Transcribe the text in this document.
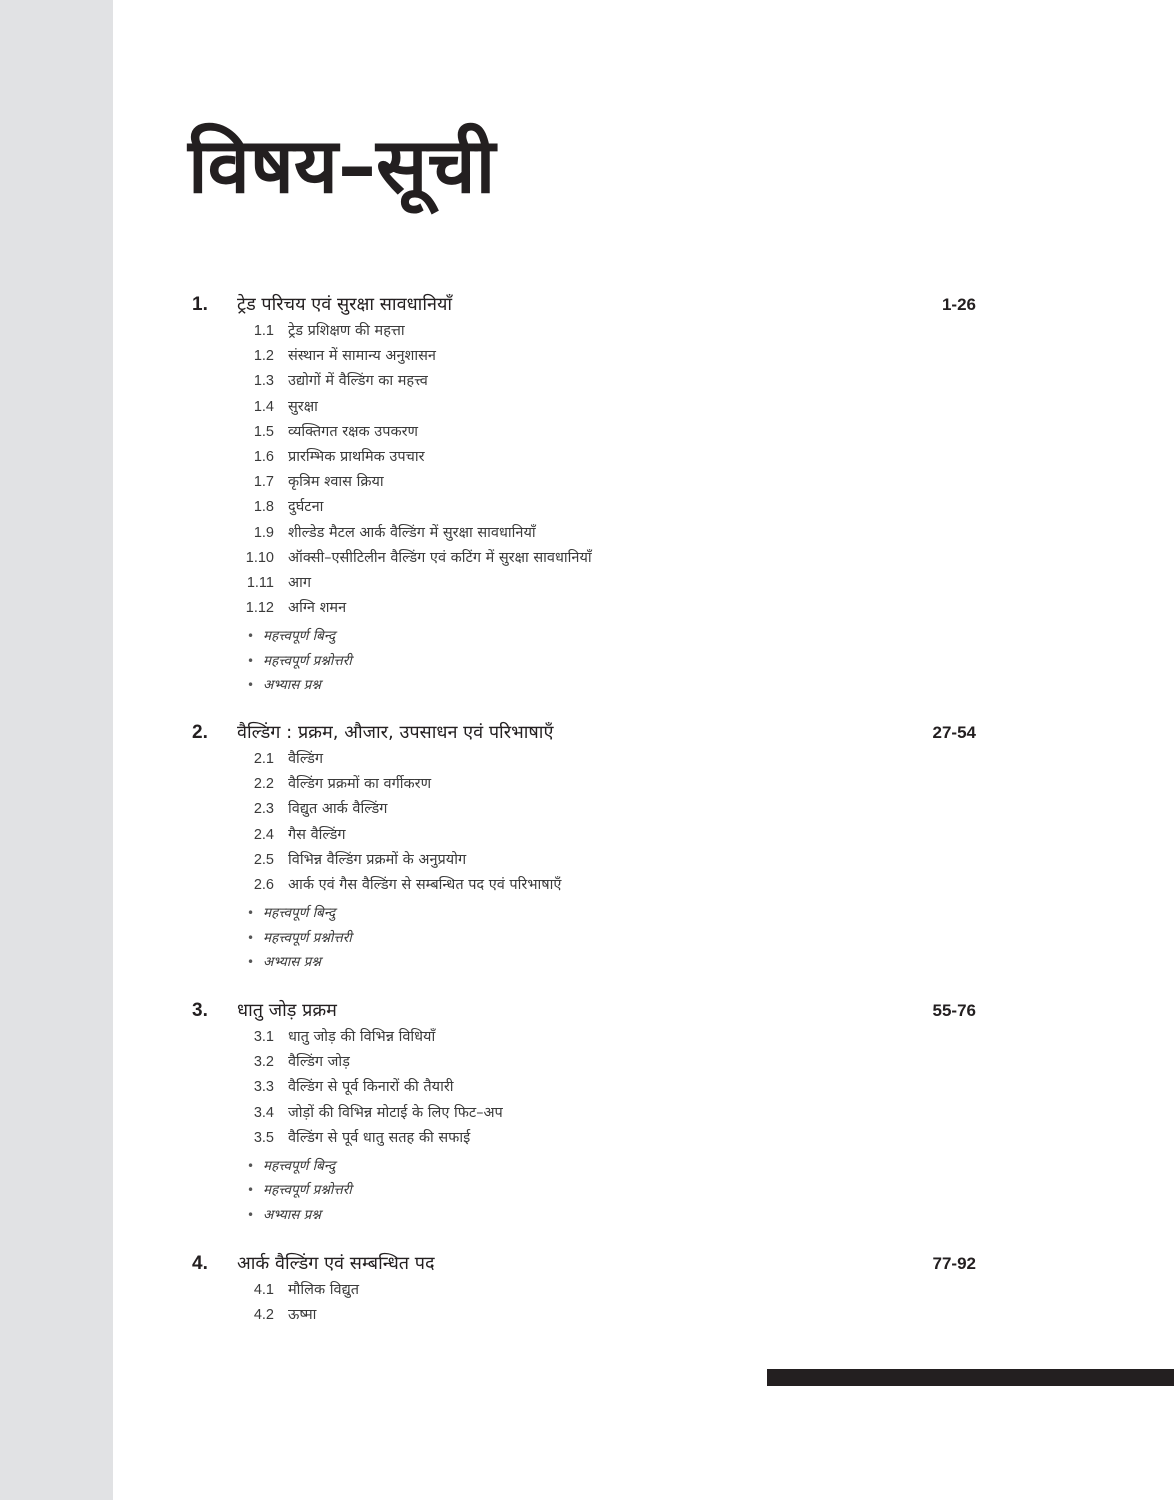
विषय–सूची
1. ट्रेड परिचय एवं सुरक्षा सावधानियाँ	1-26
1.1 ट्रेड प्रशिक्षण की महत्ता
1.2 संस्थान में सामान्य अनुशासन
1.3 उद्योगों में वैल्डिंग का महत्त्व
1.4 सुरक्षा
1.5 व्यक्तिगत रक्षक उपकरण
1.6 प्रारम्भिक प्राथमिक उपचार
1.7 कृत्रिम श्वास क्रिया
1.8 दुर्घटना
1.9 शील्डेड मैटल आर्क वैल्डिंग में सुरक्षा सावधानियाँ
1.10 ऑक्सी–एसीटिलीन वैल्डिंग एवं कटिंग में सुरक्षा सावधानियाँ
1.11 आग
1.12 अग्नि शमन
• महत्त्वपूर्ण बिन्दु
• महत्त्वपूर्ण प्रश्नोत्तरी
• अभ्यास प्रश्न
2. वैल्डिंग : प्रक्रम, औजार, उपसाधन एवं परिभाषाएँ	27-54
2.1 वैल्डिंग
2.2 वैल्डिंग प्रक्रमों का वर्गीकरण
2.3 विद्युत आर्क वैल्डिंग
2.4 गैस वैल्डिंग
2.5 विभिन्न वैल्डिंग प्रक्रमों के अनुप्रयोग
2.6 आर्क एवं गैस वैल्डिंग से सम्बन्धित पद एवं परिभाषाएँ
• महत्त्वपूर्ण बिन्दु
• महत्त्वपूर्ण प्रश्नोत्तरी
• अभ्यास प्रश्न
3. धातु जोड़ प्रक्रम	55-76
3.1 धातु जोड़ की विभिन्न विधियाँ
3.2 वैल्डिंग जोड़
3.3 वैल्डिंग से पूर्व किनारों की तैयारी
3.4 जोड़ों की विभिन्न मोटाई के लिए फिट–अप
3.5 वैल्डिंग से पूर्व धातु सतह की सफाई
• महत्त्वपूर्ण बिन्दु
• महत्त्वपूर्ण प्रश्नोत्तरी
• अभ्यास प्रश्न
4. आर्क वैल्डिंग एवं सम्बन्धित पद	77-92
4.1 मौलिक विद्युत
4.2 ऊष्मा
